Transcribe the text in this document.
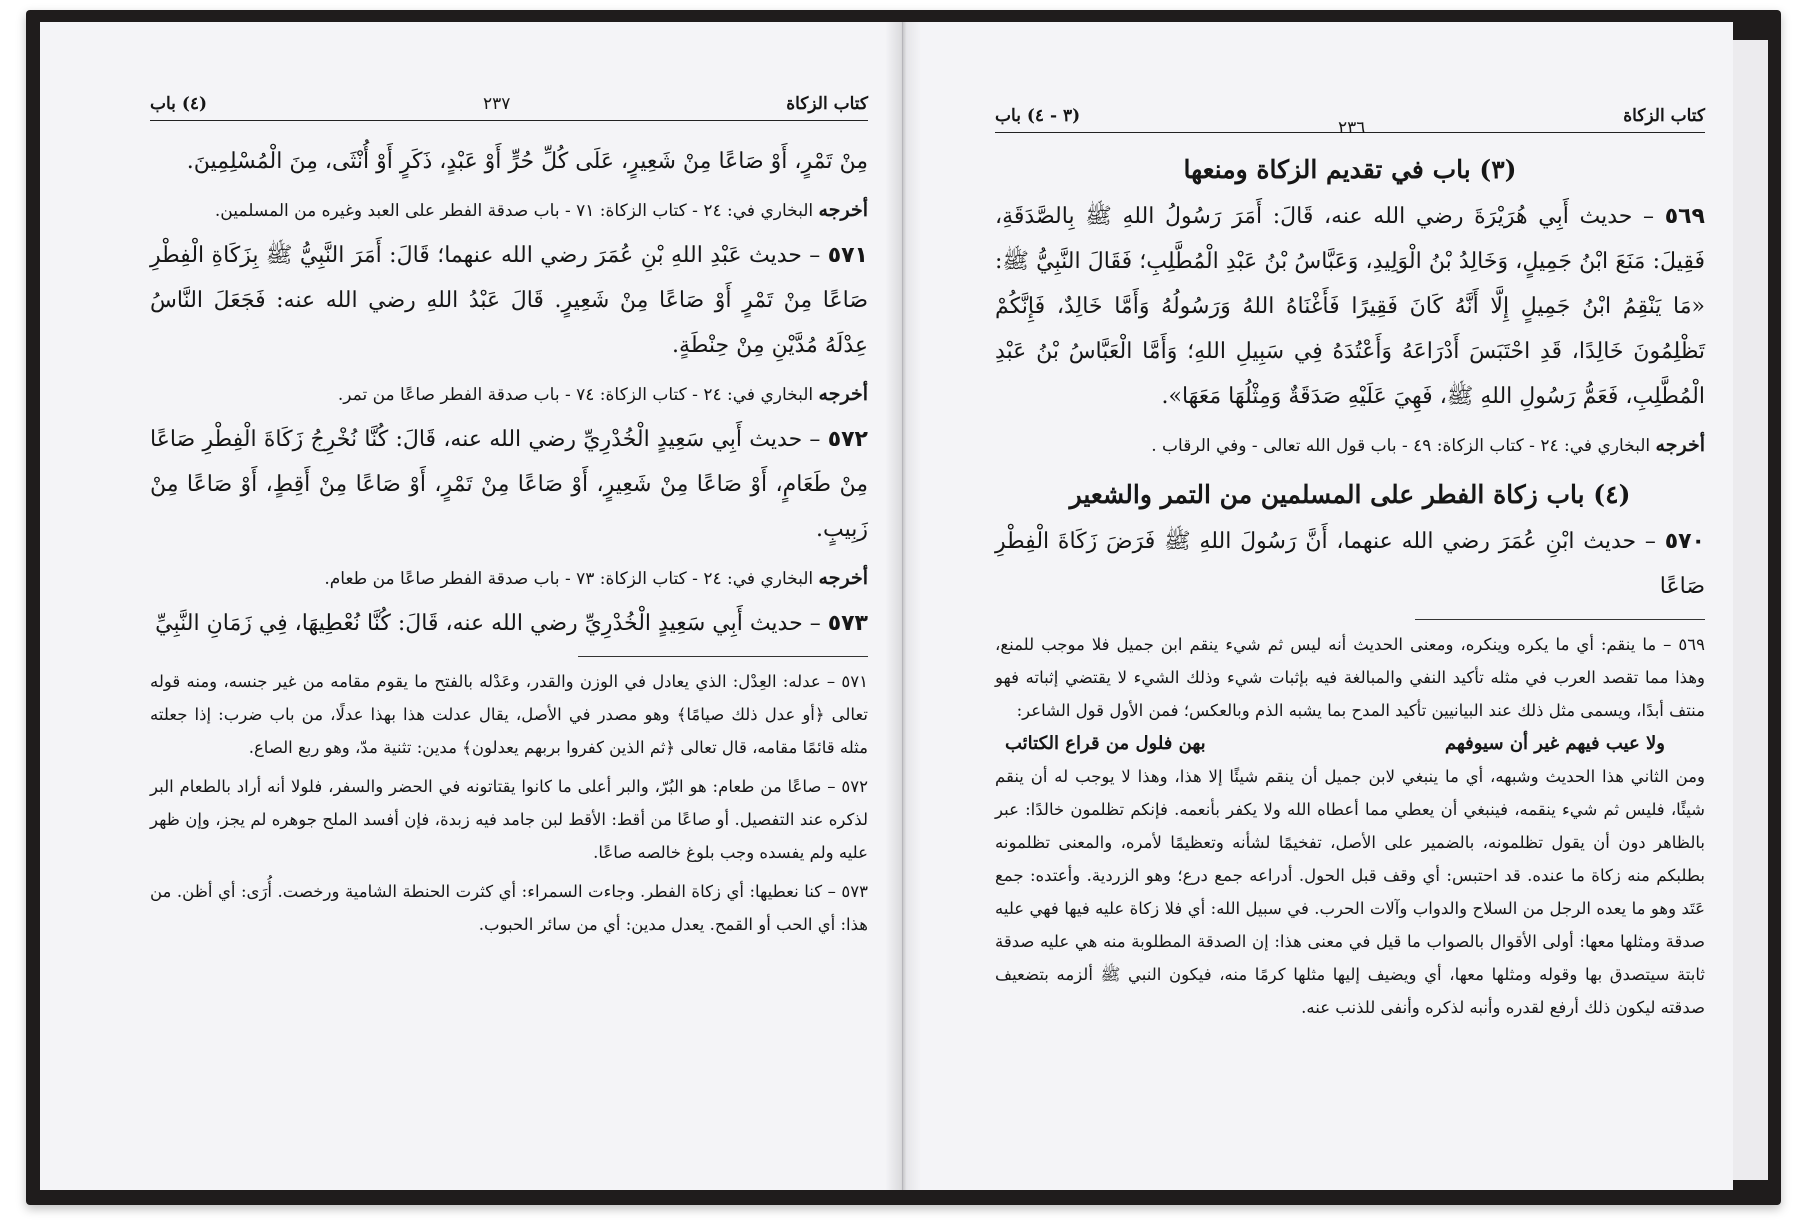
كتاب الزكاة
٢٣٧
(٤) باب

مِنْ تَمْرٍ، أَوْ صَاعًا مِنْ شَعِيرٍ، عَلَى كُلِّ حُرٍّ أَوْ عَبْدٍ، ذَكَرٍ أَوْ أُنْثَى، مِنَ الْمُسْلِمِينَ.

أخرجه البخاري في: ٢٤ - كتاب الزكاة: ٧١ - باب صدقة الفطر على العبد وغيره من المسلمين.

٥٧١ – حديث عَبْدِ اللهِ بْنِ عُمَرَ رضي الله عنهما؛ قَالَ: أَمَرَ النَّبِيُّ ﷺ بِزَكَاةِ الْفِطْرِ صَاعًا مِنْ تَمْرٍ أَوْ صَاعًا مِنْ شَعِيرٍ. قَالَ عَبْدُ اللهِ رضي الله عنه: فَجَعَلَ النَّاسُ عِدْلَهُ مُدَّيْنِ مِنْ حِنْطَةٍ.

أخرجه البخاري في: ٢٤ - كتاب الزكاة: ٧٤ - باب صدقة الفطر صاعًا من تمر.

٥٧٢ – حديث أَبِي سَعِيدٍ الْخُدْرِيِّ رضي الله عنه، قَالَ: كُنَّا نُخْرِجُ زَكَاةَ الْفِطْرِ صَاعًا مِنْ طَعَامٍ، أَوْ صَاعًا مِنْ شَعِيرٍ، أَوْ صَاعًا مِنْ تَمْرٍ، أَوْ صَاعًا مِنْ أَقِطٍ، أَوْ صَاعًا مِنْ زَبِيبٍ.

أخرجه البخاري في: ٢٤ - كتاب الزكاة: ٧٣ - باب صدقة الفطر صاعًا من طعام.

٥٧٣ – حديث أَبِي سَعِيدٍ الْخُدْرِيِّ رضي الله عنه، قَالَ: كُنَّا نُعْطِيهَا، فِي زَمَانِ النَّبِيِّ

٥٧١ – عدله: العِدْل: الذي يعادل في الوزن والقدر، وعَدْله بالفتح ما يقوم مقامه من غير جنسه، ومنه قوله تعالى ﴿أو عدل ذلك صيامًا﴾ وهو مصدر في الأصل، يقال عدلت هذا بهذا عدلًا، من باب ضرب: إذا جعلته مثله قائمًا مقامه، قال تعالى ﴿ثم الذين كفروا بربهم يعدلون﴾ مدين: تثنية مدّ، وهو ربع الصاع.

٥٧٢ – صاعًا من طعام: هو البُرّ، والبر أعلى ما كانوا يقتاتونه في الحضر والسفر، فلولا أنه أراد بالطعام البر لذكره عند التفصيل. أو صاعًا من أقط: الأقط لبن جامد فيه زبدة، فإن أفسد الملح جوهره لم يجز، وإن ظهر عليه ولم يفسده وجب بلوغ خالصه صاعًا.

٥٧٣ – كنا نعطيها: أي زكاة الفطر. وجاءت السمراء: أي كثرت الحنطة الشامية ورخصت. أُرَى: أي أظن. من هذا: أي الحب أو القمح. يعدل مدين: أي من سائر الحبوب.

كتاب الزكاة
٢٣٦
(٣ - ٤) باب
(٣) باب في تقديم الزكاة ومنعها

٥٦٩ – حديث أَبِي هُرَيْرَةَ رضي الله عنه، قَالَ: أَمَرَ رَسُولُ اللهِ ﷺ بِالصَّدَقَةِ، فَقِيلَ: مَنَعَ ابْنُ جَمِيلٍ، وَخَالِدُ بْنُ الْوَلِيدِ، وَعَبَّاسُ بْنُ عَبْدِ الْمُطَّلِبِ؛ فَقَالَ النَّبِيُّ ﷺ: «مَا يَنْقِمُ ابْنُ جَمِيلٍ إِلَّا أَنَّهُ كَانَ فَقِيرًا فَأَغْنَاهُ اللهُ وَرَسُولُهُ وَأَمَّا خَالِدٌ، فَإِنَّكُمْ تَظْلِمُونَ خَالِدًا، قَدِ احْتَبَسَ أَدْرَاعَهُ وَأَعْتُدَهُ فِي سَبِيلِ اللهِ؛ وَأَمَّا الْعَبَّاسُ بْنُ عَبْدِ الْمُطَّلِبِ، فَعَمُّ رَسُولِ اللهِ ﷺ، فَهِيَ عَلَيْهِ صَدَقَةٌ وَمِثْلُهَا مَعَهَا».

أخرجه البخاري في: ٢٤ - كتاب الزكاة: ٤٩ - باب قول الله تعالى - وفي الرقاب .

(٤) باب زكاة الفطر على المسلمين من التمر والشعير

٥٧٠ – حديث ابْنِ عُمَرَ رضي الله عنهما، أَنَّ رَسُولَ اللهِ ﷺ فَرَضَ زَكَاةَ الْفِطْرِ صَاعًا

٥٦٩ – ما ينقم: أي ما يكره وينكره، ومعنى الحديث أنه ليس ثم شيء ينقم ابن جميل فلا موجب للمنع، وهذا مما تقصد العرب في مثله تأكيد النفي والمبالغة فيه بإثبات شيء وذلك الشيء لا يقتضي إثباته فهو منتف أبدًا، ويسمى مثل ذلك عند البيانيين تأكيد المدح بما يشبه الذم وبالعكس؛ فمن الأول قول الشاعر:

ولا عيب فيهم غير أن سيوفهم
بهن فلول من قراع الكتائب

ومن الثاني هذا الحديث وشبهه، أي ما ينبغي لابن جميل أن ينقم شيئًا إلا هذا، وهذا لا يوجب له أن ينقم شيئًا، فليس ثم شيء ينقمه، فينبغي أن يعطي مما أعطاه الله ولا يكفر بأنعمه. فإنكم تظلمون خالدًا: عبر بالظاهر دون أن يقول تظلمونه، بالضمير على الأصل، تفخيمًا لشأنه وتعظيمًا لأمره، والمعنى تظلمونه بطلبكم منه زكاة ما عنده. قد احتبس: أي وقف قبل الحول. أدراعه جمع درع؛ وهو الزردية. وأعتده: جمع عَتَد وهو ما يعده الرجل من السلاح والدواب وآلات الحرب. في سبيل الله: أي فلا زكاة عليه فيها فهي عليه صدقة ومثلها معها: أولى الأقوال بالصواب ما قيل في معنى هذا: إن الصدقة المطلوبة منه هي عليه صدقة ثابتة سيتصدق بها وقوله ومثلها معها، أي ويضيف إليها مثلها كرمًا منه، فيكون النبي ﷺ ألزمه بتضعيف صدقته ليكون ذلك أرفع لقدره وأنبه لذكره وأنفى للذنب عنه.
